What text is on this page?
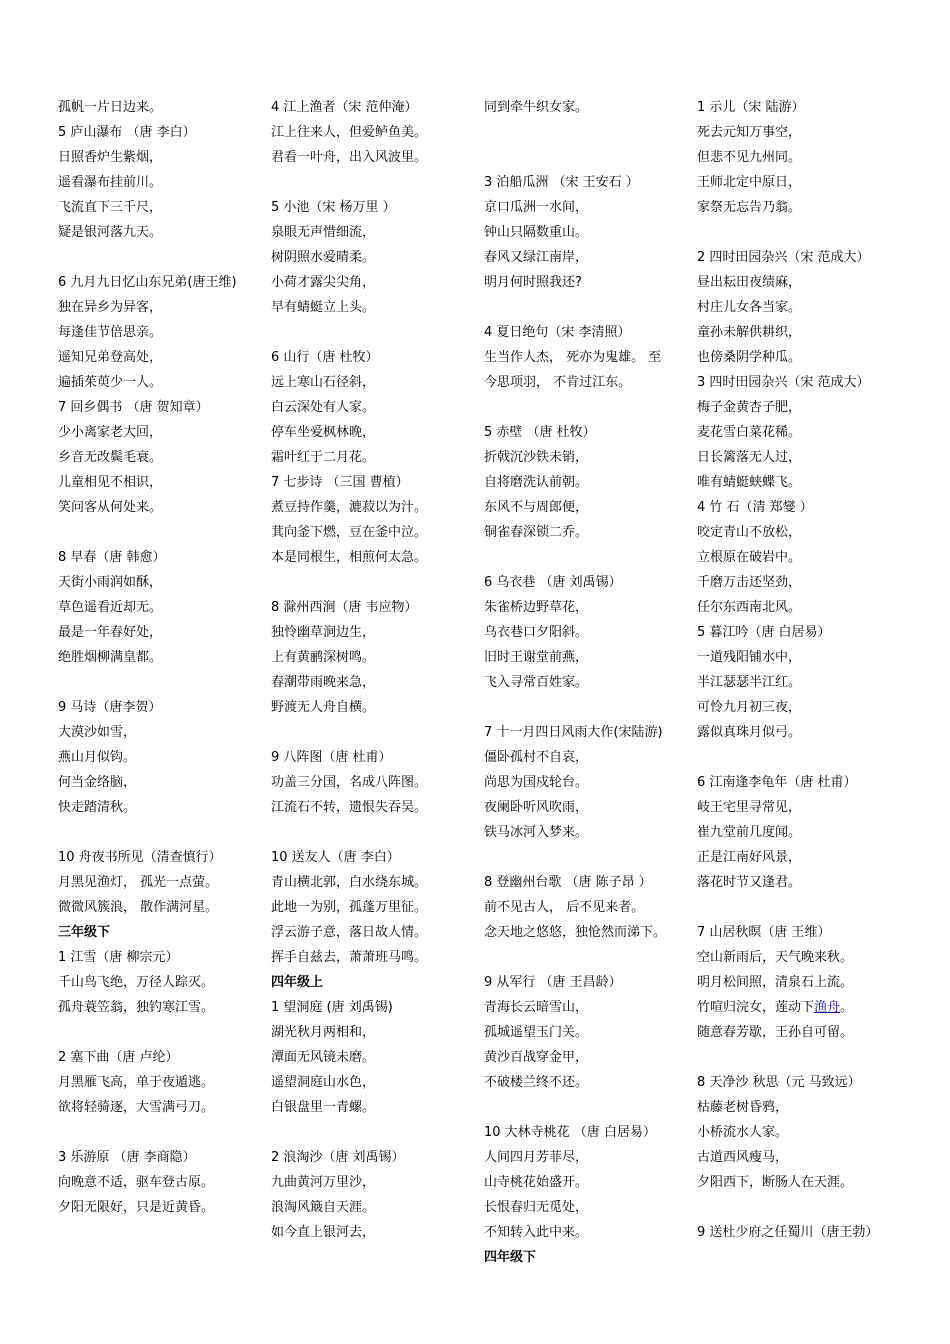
孤帆一片日边来。
5 庐山瀑布 （唐 李白）
日照香炉生紫烟，
遥看瀑布挂前川。
飞流直下三千尺，
疑是银河落九天。
6 九月九日忆山东兄弟(唐王维)
独在异乡为异客，
每逢佳节倍思亲。
遥知兄弟登高处，
遍插茱萸少一人。
7 回乡偶书 （唐 贺知章）
少小离家老大回，
乡音无改鬓毛衰。
儿童相见不相识，
笑问客从何处来。
8 早春（唐 韩愈）
天街小雨润如酥，
草色遥看近却无。
最是一年春好处，
绝胜烟柳满皇都。
9 马诗（唐李贺）
大漠沙如雪，
燕山月似钩。
何当金络脑，
快走踏清秋。
10 舟夜书所见（清查慎行）
月黑见渔灯， 孤光一点萤。
微微风簇浪， 散作满河星。
三年级下
1 江雪（唐 柳宗元）
千山鸟飞绝，万径人踪灭。
孤舟蓑笠翁，独钓寒江雪。
2 塞下曲（唐 卢纶）
月黑雁飞高，单于夜遁逃。
欲将轻骑逐，大雪满弓刀。
3 乐游原 （唐 李商隐）
向晚意不适，驱车登古原。
夕阳无限好，只是近黄昏。
4 江上渔者（宋 范仲淹）
江上往来人，但爱鲈鱼美。
君看一叶舟，出入风波里。
5 小池（宋 杨万里 ）
泉眼无声惜细流，
树阴照水爱晴柔。
小荷才露尖尖角，
早有蜻蜓立上头。
6 山行（唐 杜牧）
远上寒山石径斜，
白云深处有人家。
停车坐爱枫林晚，
霜叶红于二月花。
7 七步诗 （三国 曹植）
煮豆持作羹，漉菽以为汁。
萁向釜下燃，豆在釜中泣。
本是同根生，相煎何太急。
8 滁州西涧（唐 韦应物）
独怜幽草涧边生，
上有黄鹂深树鸣。
春潮带雨晚来急，
野渡无人舟自横。
9 八阵图（唐 杜甫）
功盖三分国，名成八阵图。
江流石不转，遗恨失吞吴。
10 送友人（唐 李白）
青山横北郭，白水绕东城。
此地一为别，孤蓬万里征。
浮云游子意，落日故人情。
挥手自兹去，萧萧班马鸣。
四年级上
1 望洞庭 (唐 刘禹锡)
湖光秋月两相和，
潭面无风镜未磨。
遥望洞庭山水色，
白银盘里一青螺。
2 浪淘沙（唐 刘禹锡）
九曲黄河万里沙，
浪淘风簸自天涯。
如今直上银河去，
同到牵牛织女家。
3 泊船瓜洲 （宋 王安石 ）
京口瓜洲一水间，
钟山只隔数重山。
春风又绿江南岸，
明月何时照我还?
4 夏日绝句（宋 李清照）
生当作人杰， 死亦为鬼雄。 至
今思项羽， 不肯过江东。
5 赤壁 （唐 杜牧）
折戟沉沙铁未销，
自将磨洗认前朝。
东风不与周郎便，
铜雀春深锁二乔。
6 乌衣巷 （唐 刘禹锡）
朱雀桥边野草花，
乌衣巷口夕阳斜。
旧时王谢堂前燕，
飞入寻常百姓家。
7 十一月四日风雨大作(宋陆游)
僵卧孤村不自哀，
尚思为国戍轮台。
夜阑卧听风吹雨，
铁马冰河入梦来。
8 登幽州台歌 （唐 陈子昂 ）
前不见古人， 后不见来者。
念天地之悠悠，独怆然而涕下。
9 从军行 （唐 王昌龄）
青海长云暗雪山，
孤城遥望玉门关。
黄沙百战穿金甲，
不破楼兰终不还。
10 大林寺桃花 （唐 白居易）
人间四月芳菲尽，
山寺桃花始盛开。
长恨春归无觅处，
不知转入此中来。
四年级下
1 示儿（宋 陆游）
死去元知万事空，
但悲不见九州同。
王师北定中原日，
家祭无忘告乃翁。
2 四时田园杂兴（宋 范成大）
昼出耘田夜绩麻，
村庄儿女各当家。
童孙未解供耕织，
也傍桑阴学种瓜。
3 四时田园杂兴（宋 范成大）
梅子金黄杏子肥，
麦花雪白菜花稀。
日长篱落无人过，
唯有蜻蜓蛱蝶飞。
4 竹 石（清 郑燮 ）
咬定青山不放松，
立根原在破岩中。
千磨万击还坚劲，
任尔东西南北风。
5 暮江吟（唐 白居易）
一道残阳铺水中，
半江瑟瑟半江红。
可怜九月初三夜，
露似真珠月似弓。
6 江南逢李龟年（唐 杜甫）
岐王宅里寻常见，
崔九堂前几度闻。
正是江南好风景，
落花时节又逢君。
7 山居秋暝（唐 王维）
空山新雨后，天气晚来秋。
明月松间照，清泉石上流。
竹喧归浣女，莲动下渔舟。
随意春芳歇，王孙自可留。
8 天净沙 秋思（元 马致远）
枯藤老树昏鸦，
小桥流水人家。
古道西风瘦马，
夕阳西下，断肠人在天涯。
9 送杜少府之任蜀川（唐王勃）
